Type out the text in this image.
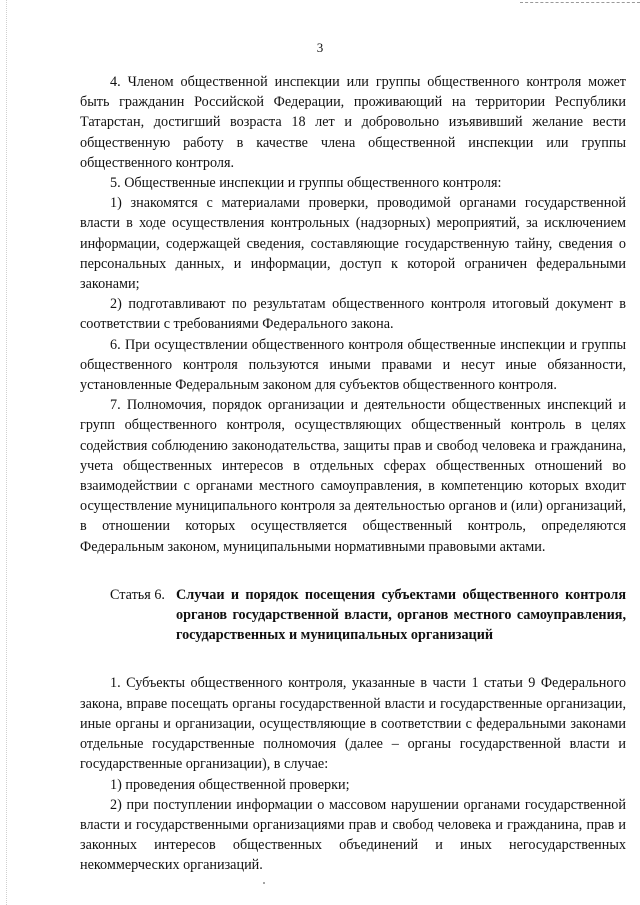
3

4. Членом общественной инспекции или группы общественного контроля может быть гражданин Российской Федерации, проживающий на территории Республики Татарстан, достигший возраста 18 лет и добровольно изъявивший желание вести общественную работу в качестве члена общественной инспекции или группы общественного контроля.

5. Общественные инспекции и группы общественного контроля:

1) знакомятся с материалами проверки, проводимой органами государственной власти в ходе осуществления контрольных (надзорных) мероприятий, за исключением информации, содержащей сведения, составляющие государственную тайну, сведения о персональных данных, и информации, доступ к которой ограничен федеральными законами;

2) подготавливают по результатам общественного контроля итоговый документ в соответствии с требованиями Федерального закона.

6. При осуществлении общественного контроля общественные инспекции и группы общественного контроля пользуются иными правами и несут иные обязанности, установленные Федеральным законом для субъектов общественного контроля.

7. Полномочия, порядок организации и деятельности общественных инспекций и групп общественного контроля, осуществляющих общественный контроль в целях содействия соблюдению законодательства, защиты прав и свобод человека и гражданина, учета общественных интересов в отдельных сферах общественных отношений во взаимодействии с органами местного самоуправления, в компетенцию которых входит осуществление муниципального контроля за деятельностью органов и (или) организаций, в отношении которых осуществляется общественный контроль, определяются Федеральным законом, муниципальными нормативными правовыми актами.

Статья 6. Случаи и порядок посещения субъектами общественного контроля органов государственной власти, органов местного самоуправления, государственных и муниципальных организаций

1. Субъекты общественного контроля, указанные в части 1 статьи 9 Федерального закона, вправе посещать органы государственной власти и государственные организации, иные органы и организации, осуществляющие в соответствии с федеральными законами отдельные государственные полномочия (далее – органы государственной власти и государственные организации), в случае:

1) проведения общественной проверки;

2) при поступлении информации о массовом нарушении органами государственной власти и государственными организациями прав и свобод человека и гражданина, прав и законных интересов общественных объединений и иных негосударственных некоммерческих организаций.
